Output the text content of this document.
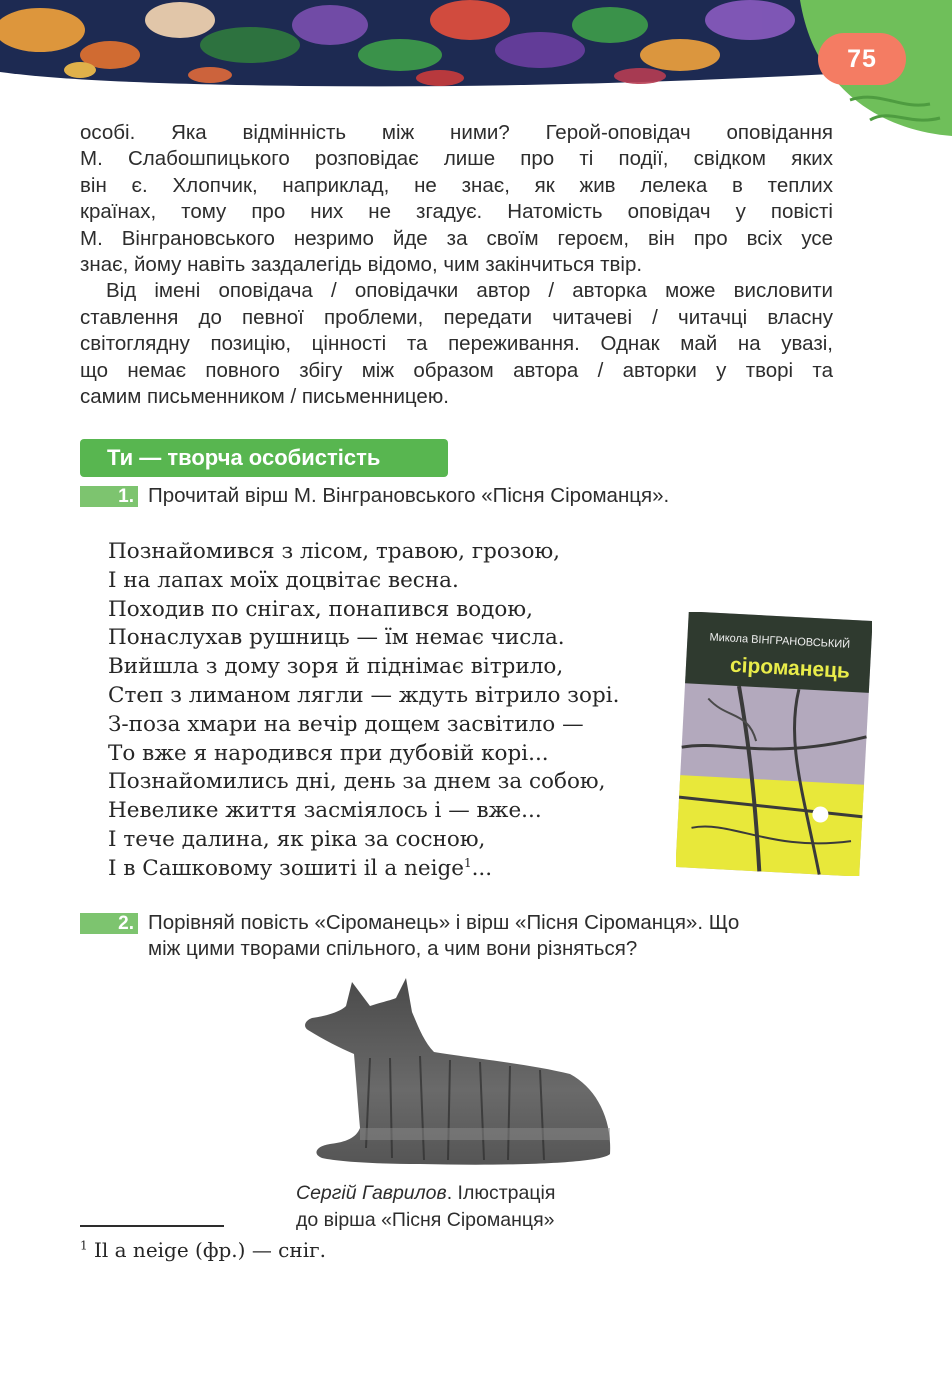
75

особі. Яка відмінність між ними? Герой-оповідач оповідання

М. Слабошпицького розповідає лише про ті події, свідком яких

він є. Хлопчик, наприклад, не знає, як жив лелека в теплих

країнах, тому про них не згадує. Натомість оповідач у повісті

М. Вінграновського незримо йде за своїм героєм, він про всіх усе

знає, йому навіть заздалегідь відомо, чим закінчиться твір.

Від імені оповідача / оповідачки автор / авторка може висловити

ставлення до певної проблеми, передати читачеві / читачці власну

світоглядну позицію, цінності та переживання. Однак май на увазі,

що немає повного збігу між образом автора / авторки у творі та

самим письменником / письменницею.

Ти — творча особистість
1. Прочитай вірш М. Вінграновського «Пісня Сіроманця».
Познайомився з лісом, травою, грозою,
І на лапах моїх доцвітає весна.
Походив по снігах, понапився водою,
Понаслухав рушниць — їм немає числа.
Вийшла з дому зоря й піднімає вітрило,
Степ з лиманом лягли — ждуть вітрило зорі.
З-поза хмари на вечір дощем засвітило —
То вже я народився при дубовій корі...
Познайомились дні, день за днем за собою,
Невелике життя засміялось і — вже...
І тече далина, як ріка за сосною,
І в Сашковому зошиті il a neige$^1$...
Микола ВІНГРАНОВСЬКИЙ
сіроманець
2. Порівняй повість «Сіроманець» і вірш «Пісня Сіроманця». Що
між цими творами спільного, а чим вони різняться?
Сергій Гаврилов. Ілюстрація
до вірша «Пісня Сіроманця»
$^1$ Il a neige (фр.) — сніг.
